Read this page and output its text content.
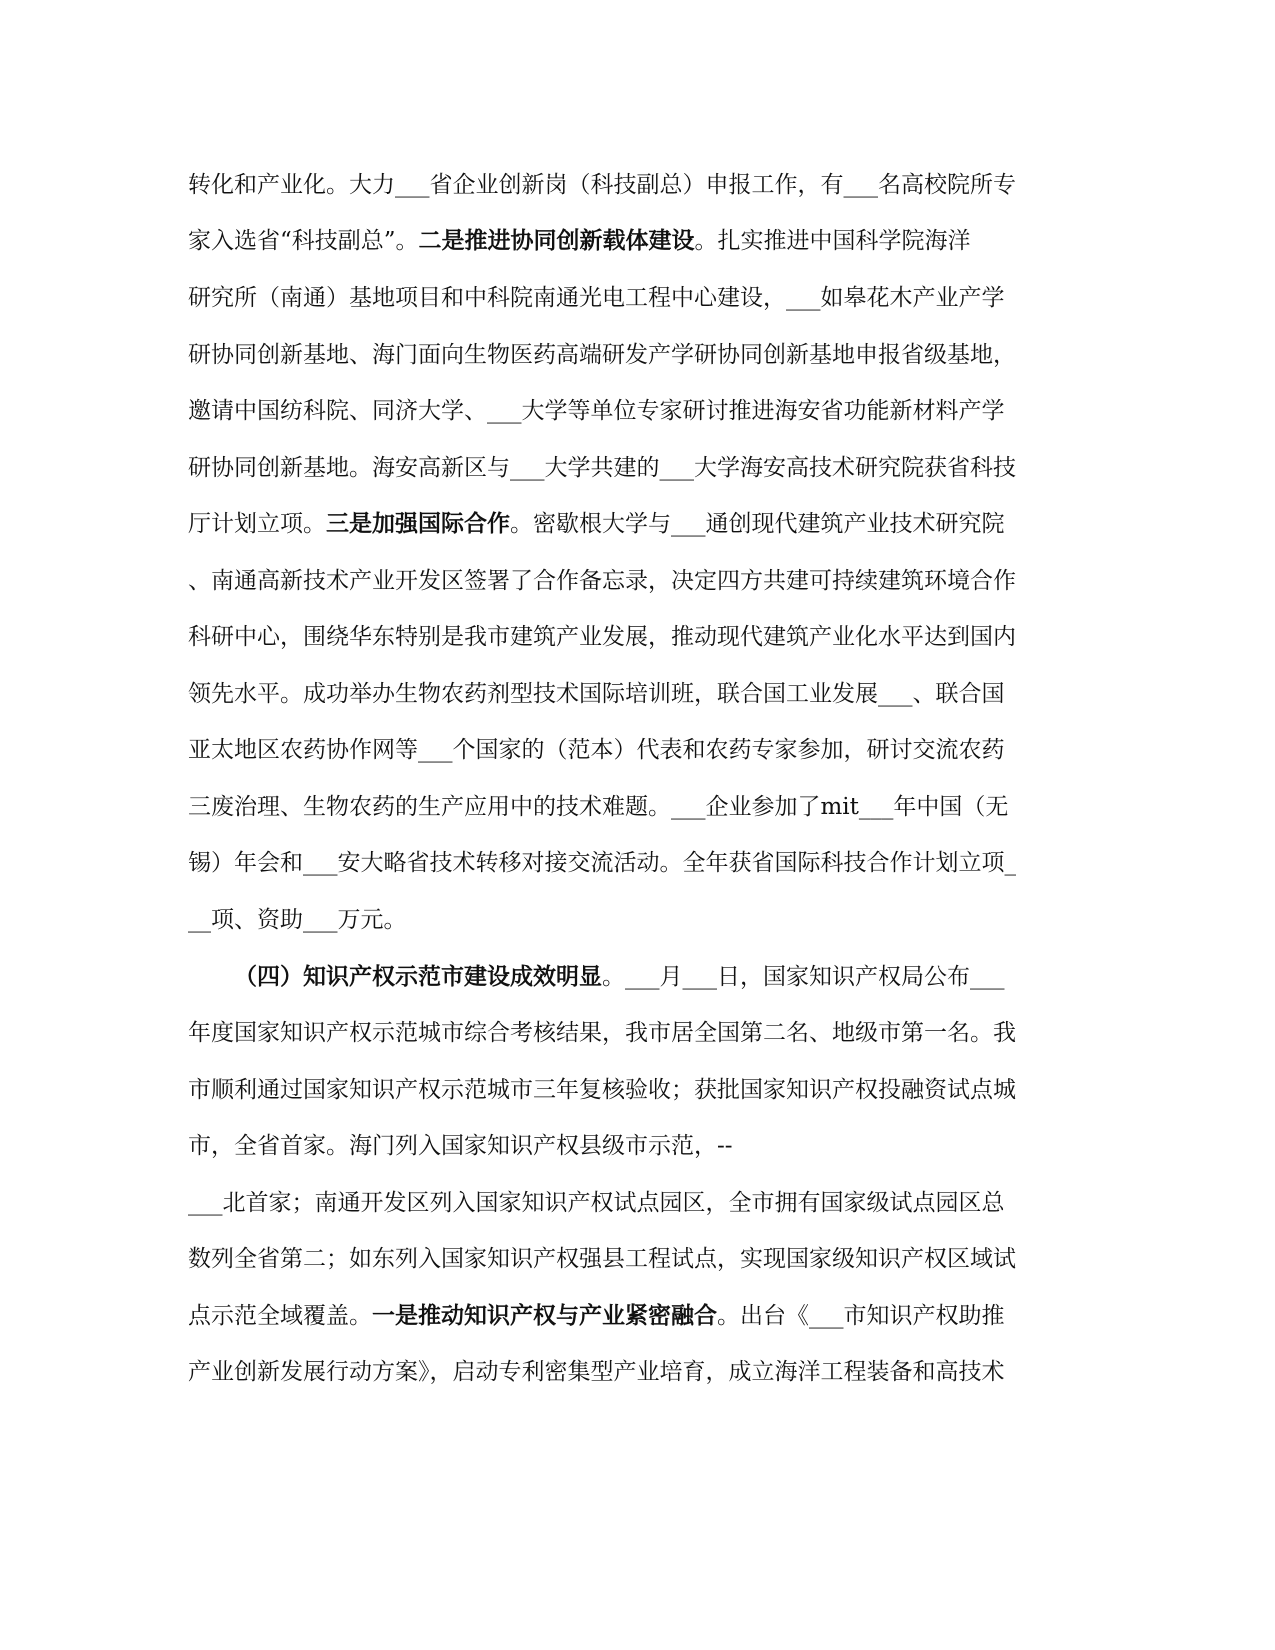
转化和产业化。大力___省企业创新岗（科技副总）申报工作，有___名高校院所专
家入选省“科技副总”。二是推进协同创新载体建设。扎实推进中国科学院海洋
研究所（南通）基地项目和中科院南通光电工程中心建设，___如皋花木产业产学
研协同创新基地、海门面向生物医药高端研发产学研协同创新基地申报省级基地，
邀请中国纺科院、同济大学、___大学等单位专家研讨推进海安省功能新材料产学
研协同创新基地。海安高新区与___大学共建的___大学海安高技术研究院获省科技
厅计划立项。三是加强国际合作。密歇根大学与___通创现代建筑产业技术研究院
、南通高新技术产业开发区签署了合作备忘录，决定四方共建可持续建筑环境合作
科研中心，围绕华东特别是我市建筑产业发展，推动现代建筑产业化水平达到国内
领先水平。成功举办生物农药剂型技术国际培训班，联合国工业发展___、联合国
亚太地区农药协作网等___个国家的（范本）代表和农药专家参加，研讨交流农药
三废治理、生物农药的生产应用中的技术难题。___企业参加了mit___年中国（无
锡）年会和___安大略省技术转移对接交流活动。全年获省国际科技合作计划立项_
__项、资助___万元。
（四）知识产权示范市建设成效明显。___月___日，国家知识产权局公布___
年度国家知识产权示范城市综合考核结果，我市居全国第二名、地级市第一名。我
市顺利通过国家知识产权示范城市三年复核验收；获批国家知识产权投融资试点城
市，全省首家。海门列入国家知识产权县级市示范，--
___北首家；南通开发区列入国家知识产权试点园区，全市拥有国家级试点园区总
数列全省第二；如东列入国家知识产权强县工程试点，实现国家级知识产权区域试
点示范全域覆盖。一是推动知识产权与产业紧密融合。出台《___市知识产权助推
产业创新发展行动方案》，启动专利密集型产业培育，成立海洋工程装备和高技术
